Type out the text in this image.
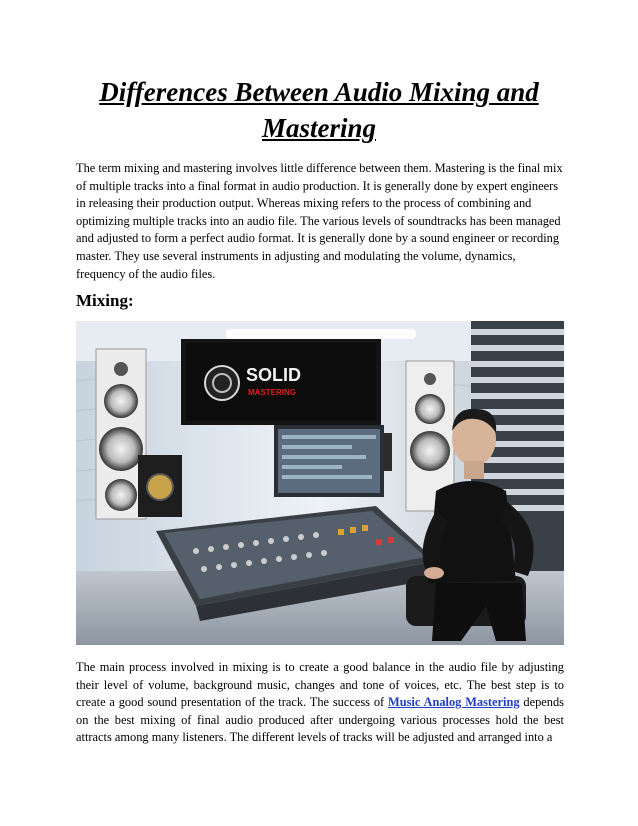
Differences Between Audio Mixing and Mastering

The term mixing and mastering involves little difference between them. Mastering is the final mix of multiple tracks into a final format in audio production. It is generally done by expert engineers in releasing their production output. Whereas mixing refers to the process of combining and optimizing multiple tracks into an audio file. The various levels of soundtracks has been managed and adjusted to form a perfect audio format. It is generally done by a sound engineer or recording master. They use several instruments in adjusting and modulating the volume, dynamics, frequency of the audio files.

Mixing:
SOLID
MASTERING

The main process involved in mixing is to create a good balance in the audio file by adjusting their level of volume, background music, changes and tone of voices, etc. The best step is to create a good sound presentation of the track. The success of Music Analog Mastering depends on the best mixing of final audio produced after undergoing various processes hold the best attracts among many listeners. The different levels of tracks will be adjusted and arranged into a
